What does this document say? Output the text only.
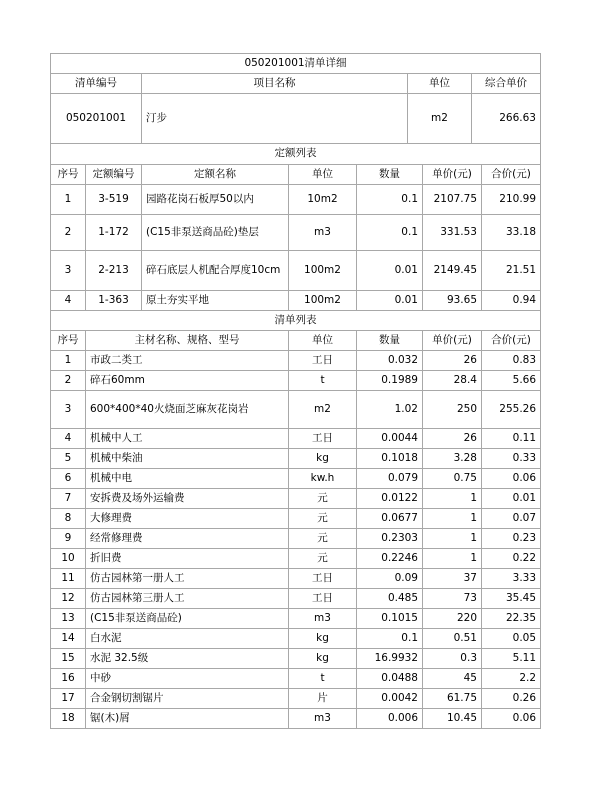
050201001清单详细			
清单编号	项目名称	单位	综合单价
050201001	汀步	m2	266.63
定额列表						
序号	定额编号	定额名称	单位	数量	单价(元)	合价(元)
1	3-519	园路花岗石板厚50以内	10m2	0.1	2107.75	210.99
2	1-172	(C15非泵送商品砼)垫层	m3	0.1	331.53	33.18
3	2-213	碎石底层人机配合厚度10cm	100m2	0.01	2149.45	21.51
4	1-363	原土夯实平地	100m2	0.01	93.65	0.94
清单列表						
序号	主材名称、规格、型号		单位	数量	单价(元)	合价(元)
1	市政二类工		工日	0.032	26	0.83
2	碎石60mm		t	0.1989	28.4	5.66
3	600*400*40火烧面芝麻灰花岗岩		m2	1.02	250	255.26
4	机械中人工		工日	0.0044	26	0.11
5	机械中柴油		kg	0.1018	3.28	0.33
6	机械中电		kw.h	0.079	0.75	0.06
7	安拆费及场外运输费		元	0.0122	1	0.01
8	大修理费		元	0.0677	1	0.07
9	经常修理费		元	0.2303	1	0.23
10	折旧费		元	0.2246	1	0.22
11	仿古园林第一册人工		工日	0.09	37	3.33
12	仿古园林第三册人工		工日	0.485	73	35.45
13	(C15非泵送商品砼)		m3	0.1015	220	22.35
14	白水泥		kg	0.1	0.51	0.05
15	水泥 32.5级		kg	16.9932	0.3	5.11
16	中砂		t	0.0488	45	2.2
17	合金钢切割锯片		片	0.0042	61.75	0.26
18	锯(木)屑		m3	0.006	10.45	0.06
